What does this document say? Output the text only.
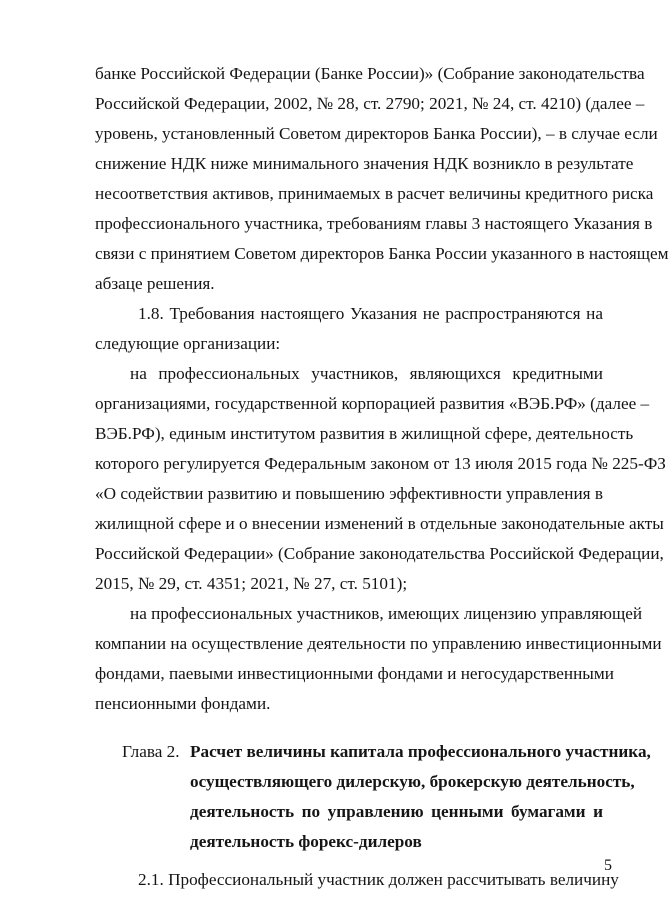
банке Российской Федерации (Банке России)» (Собрание законодательства
Российской Федерации, 2002, № 28, ст. 2790; 2021, № 24, ст. 4210) (далее –
уровень, установленный Советом директоров Банка России), – в случае если
снижение НДК ниже минимального значения НДК возникло в результате
несоответствия активов, принимаемых в расчет величины кредитного риска
профессионального участника, требованиям главы 3 настоящего Указания в
связи с принятием Советом директоров Банка России указанного в настоящем
абзаце решения.
1.8. Требования настоящего Указания не распространяются на
следующие организации:
на профессиональных участников, являющихся кредитными
организациями, государственной корпорацией развития «ВЭБ.РФ» (далее –
ВЭБ.РФ), единым институтом развития в жилищной сфере, деятельность
которого регулируется Федеральным законом от 13 июля 2015 года № 225-ФЗ
«О содействии развитию и повышению эффективности управления в
жилищной сфере и о внесении изменений в отдельные законодательные акты
Российской Федерации» (Собрание законодательства Российской Федерации,
2015, № 29, ст. 4351; 2021, № 27, ст. 5101);
на профессиональных участников, имеющих лицензию управляющей
компании на осуществление деятельности по управлению инвестиционными
фондами, паевыми инвестиционными фондами и негосударственными
пенсионными фондами.
Глава 2. Расчет величины капитала профессионального участника,
осуществляющего дилерскую, брокерскую деятельность,
деятельность по управлению ценными бумагами и
деятельность форекс-дилеров
2.1. Профессиональный участник должен рассчитывать величину
5
